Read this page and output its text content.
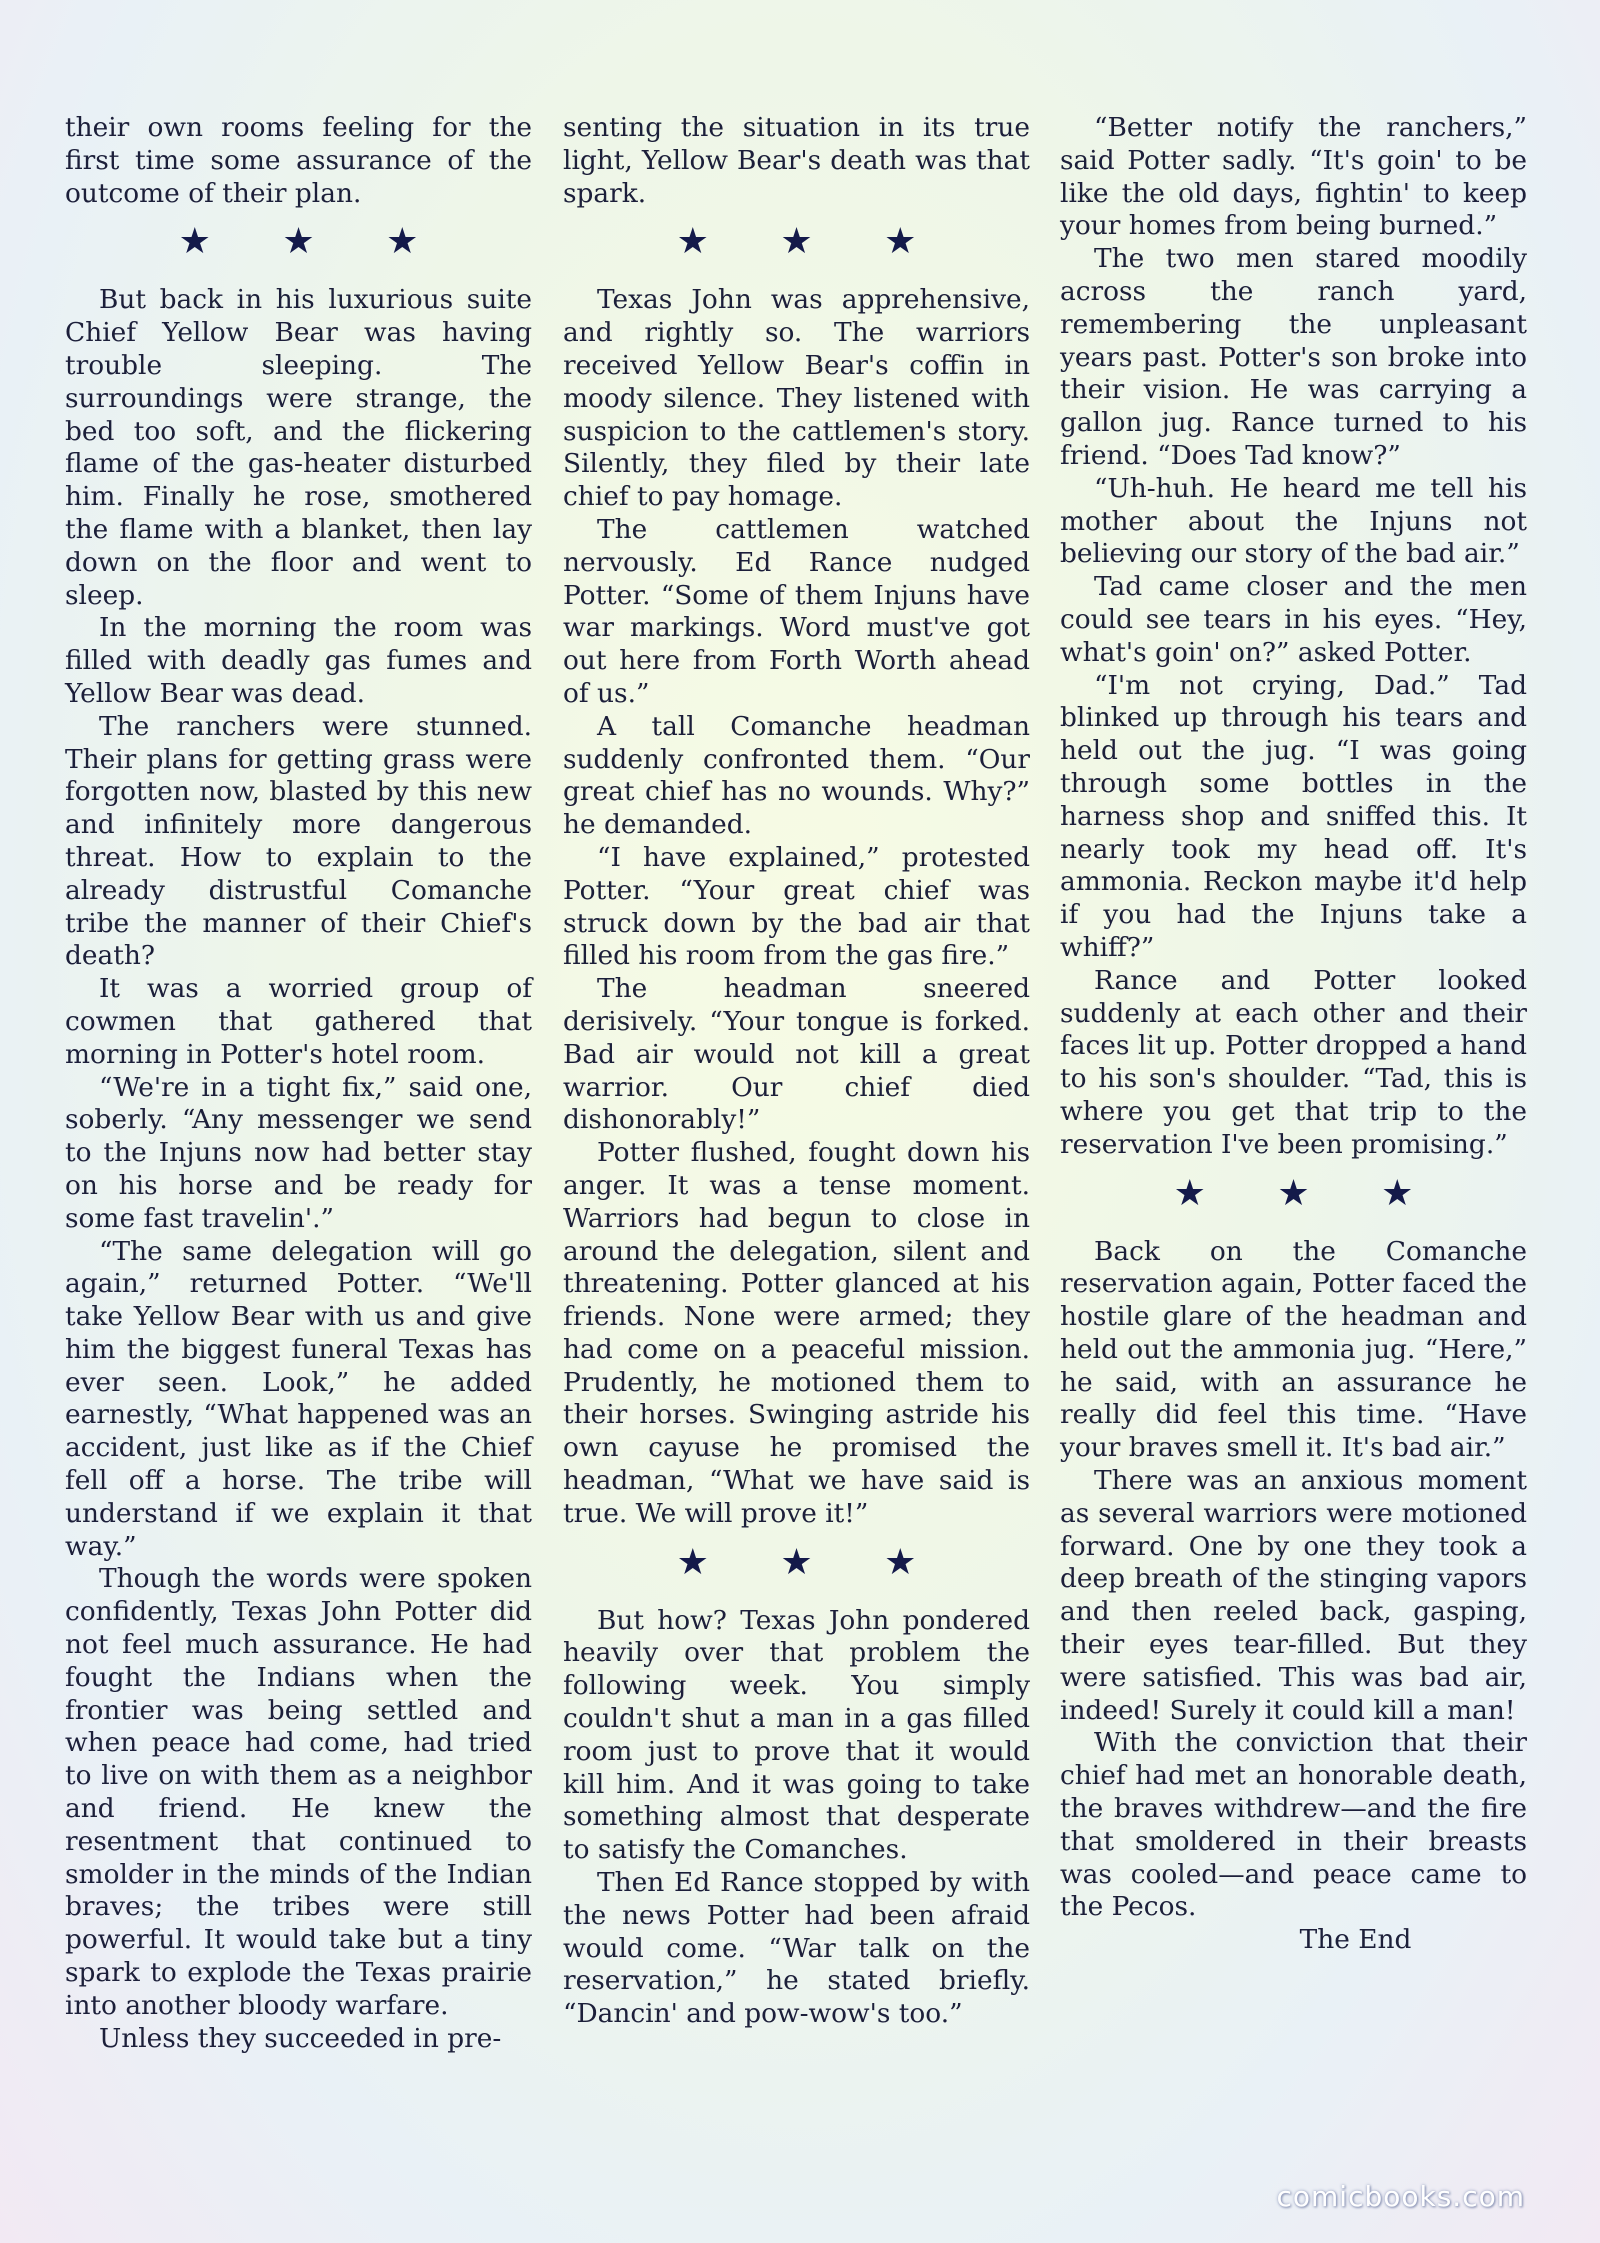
their own rooms feeling for the first time some assurance of the outcome of their plan.

★ ★ ★

But back in his luxurious suite Chief Yellow Bear was having trouble sleeping. The surroundings were strange, the bed too soft, and the flickering flame of the gas-heater disturbed him. Finally he rose, smothered the flame with a blanket, then lay down on the floor and went to sleep.

In the morning the room was filled with deadly gas fumes and Yellow Bear was dead.

The ranchers were stunned. Their plans for getting grass were forgotten now, blasted by this new and infinitely more dangerous threat. How to explain to the already distrustful Comanche tribe the manner of their Chief's death?

It was a worried group of cowmen that gathered that morning in Potter's hotel room.

“We're in a tight fix,” said one, soberly. “Any messenger we send to the Injuns now had better stay on his horse and be ready for some fast travelin'.”

“The same delegation will go again,” returned Potter. “We'll take Yellow Bear with us and give him the biggest funeral Texas has ever seen. Look,” he added earnestly, “What happened was an accident, just like as if the Chief fell off a horse. The tribe will understand if we explain it that way.”

Though the words were spoken confidently, Texas John Potter did not feel much assurance. He had fought the Indians when the frontier was being settled and when peace had come, had tried to live on with them as a neighbor and friend. He knew the resentment that continued to smolder in the minds of the Indian braves; the tribes were still powerful. It would take but a tiny spark to explode the Texas prairie into another bloody warfare.

Unless they succeeded in pre-

senting the situation in its true light, Yellow Bear's death was that spark.

★ ★ ★

Texas John was apprehensive, and rightly so. The warriors received Yellow Bear's coffin in moody silence. They listened with suspicion to the cattlemen's story. Silently, they filed by their late chief to pay homage.

The cattlemen watched nervously. Ed Rance nudged Potter. “Some of them Injuns have war markings. Word must've got out here from Forth Worth ahead of us.”

A tall Comanche headman suddenly confronted them. “Our great chief has no wounds. Why?” he demanded.

“I have explained,” protested Potter. “Your great chief was struck down by the bad air that filled his room from the gas fire.”

The headman sneered derisively. “Your tongue is forked. Bad air would not kill a great warrior. Our chief died dishonorably!”

Potter flushed, fought down his anger. It was a tense moment. Warriors had begun to close in around the delegation, silent and threatening. Potter glanced at his friends. None were armed; they had come on a peaceful mission. Prudently, he motioned them to their horses. Swinging astride his own cayuse he promised the headman, “What we have said is true. We will prove it!”

★ ★ ★

But how? Texas John pondered heavily over that problem the following week. You simply couldn't shut a man in a gas filled room just to prove that it would kill him. And it was going to take something almost that desperate to satisfy the Comanches.

Then Ed Rance stopped by with the news Potter had been afraid would come. “War talk on the reservation,” he stated briefly. “Dancin' and pow-wow's too.”

“Better notify the ranchers,” said Potter sadly. “It's goin' to be like the old days, fightin' to keep your homes from being burned.”

The two men stared moodily across the ranch yard, remembering the unpleasant years past. Potter's son broke into their vision. He was carrying a gallon jug. Rance turned to his friend. “Does Tad know?”

“Uh-huh. He heard me tell his mother about the Injuns not believing our story of the bad air.”

Tad came closer and the men could see tears in his eyes. “Hey, what's goin' on?” asked Potter.

“I'm not crying, Dad.” Tad blinked up through his tears and held out the jug. “I was going through some bottles in the harness shop and sniffed this. It nearly took my head off. It's ammonia. Reckon maybe it'd help if you had the Injuns take a whiff?”

Rance and Potter looked suddenly at each other and their faces lit up. Potter dropped a hand to his son's shoulder. “Tad, this is where you get that trip to the reservation I've been promising.”

★ ★ ★

Back on the Comanche reservation again, Potter faced the hostile glare of the headman and held out the ammonia jug. “Here,” he said, with an assurance he really did feel this time. “Have your braves smell it. It's bad air.”

There was an anxious moment as several warriors were motioned forward. One by one they took a deep breath of the stinging vapors and then reeled back, gasping, their eyes tear-filled. But they were satisfied. This was bad air, indeed! Surely it could kill a man!

With the conviction that their chief had met an honorable death, the braves withdrew—and the fire that smoldered in their breasts was cooled—and peace came to the Pecos.

The End

comicbooks.com
